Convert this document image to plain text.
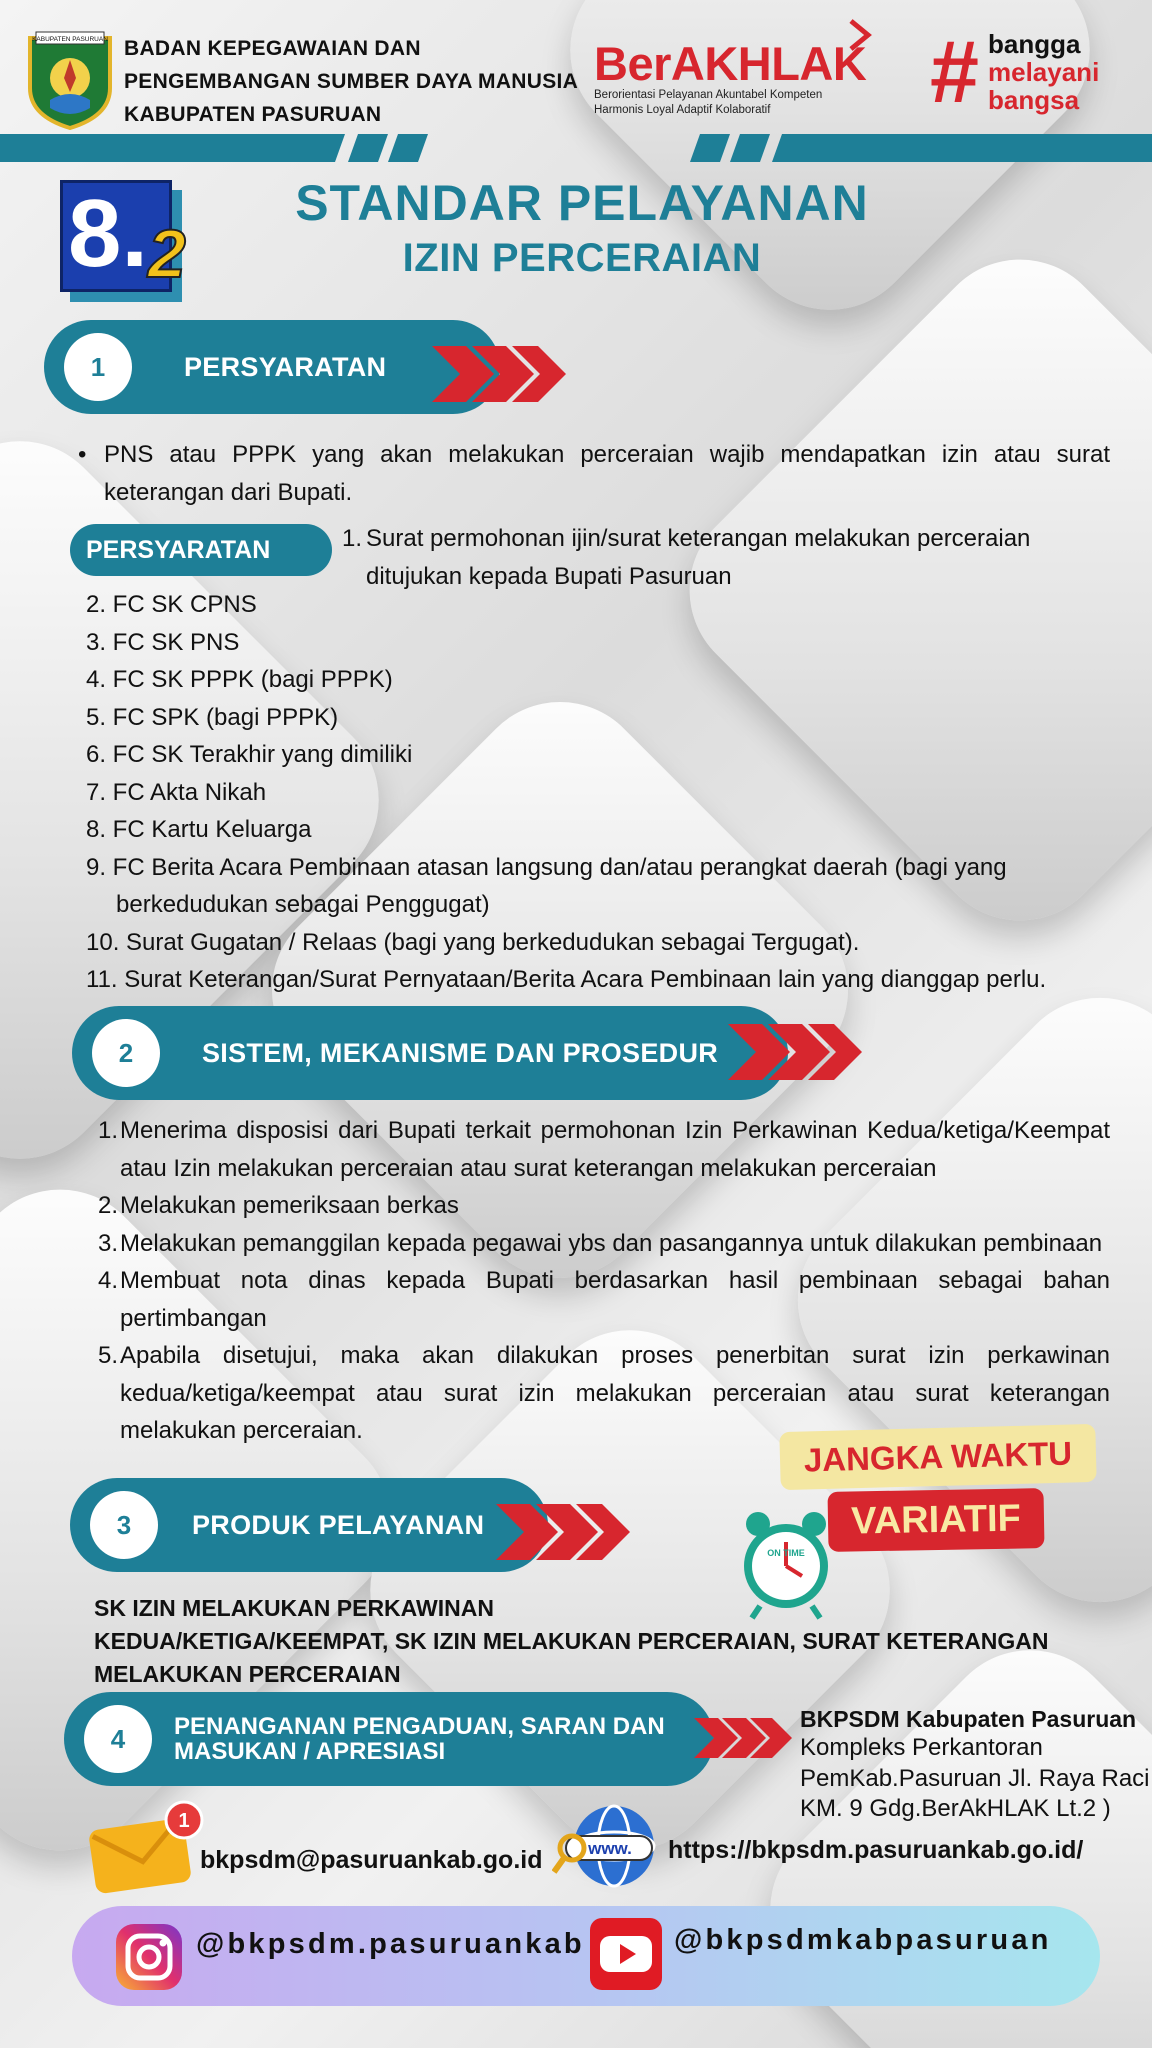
KABUPATEN PASURUAN BADAN KEPEGAWAIAN DAN
PENGEMBANGAN SUMBER DAYA MANUSIA
KABUPATEN PASURUAN
BerAKHLAK
Berorientasi Pelayanan Akuntabel Kompeten
Harmonis Loyal Adaptif Kolaboratif	# bangga
melayani
bangsa
8. 2
STANDAR PELAYANAN
IZIN PERCERAIAN
1	PERSYARATAN
• PNS atau PPPK yang akan melakukan perceraian wajib mendapatkan izin atau surat keterangan dari Bupati.
PERSYARATAN	1. Surat permohonan ijin/surat keterangan melakukan perceraian
ditujukan kepada Bupati Pasuruan
2. FC SK CPNS
3. FC SK PNS
4. FC SK PPPK (bagi PPPK)
5. FC SPK (bagi PPPK)
6. FC SK Terakhir yang dimiliki
7. FC Akta Nikah
8. FC Kartu Keluarga
9. FC Berita Acara Pembinaan atasan langsung dan/atau perangkat daerah (bagi yang
berkedudukan sebagai Penggugat)
10. Surat Gugatan / Relaas (bagi yang berkedudukan sebagai Tergugat).
11. Surat Keterangan/Surat Pernyataan/Berita Acara Pembinaan lain yang dianggap perlu.
2	SISTEM, MEKANISME DAN PROSEDUR
1. Menerima disposisi dari Bupati terkait permohonan Izin Perkawinan Kedua/ketiga/Keempat atau Izin melakukan perceraian atau surat keterangan melakukan perceraian
2. Melakukan pemeriksaan berkas
3. Melakukan pemanggilan kepada pegawai ybs dan pasangannya untuk dilakukan pembinaan
4. Membuat nota dinas kepada Bupati berdasarkan hasil pembinaan sebagai bahan pertimbangan
5. Apabila disetujui, maka akan dilakukan proses penerbitan surat izin perkawinan kedua/ketiga/keempat atau surat izin melakukan perceraian atau surat keterangan melakukan perceraian.
JANGKA WAKTU
VARIATIF
ON TIME
3	PRODUK PELAYANAN
SK IZIN MELAKUKAN PERKAWINAN
KEDUA/KETIGA/KEEMPAT, SK IZIN MELAKUKAN PERCERAIAN, SURAT KETERANGAN
MELAKUKAN PERCERAIAN
4	PENANGANAN PENGADUAN, SARAN DAN
MASUKAN / APRESIASI
BKPSDM Kabupaten Pasuruan
Kompleks Perkantoran
PemKab.Pasuruan Jl. Raya Raci
KM. 9 Gdg.BerAkHLAK Lt.2 )
1
bkpsdm@pasuruankab.go.id	www. https://bkpsdm.pasuruankab.go.id/
@bkpsdm.pasuruankab	@bkpsdmkabpasuruan
